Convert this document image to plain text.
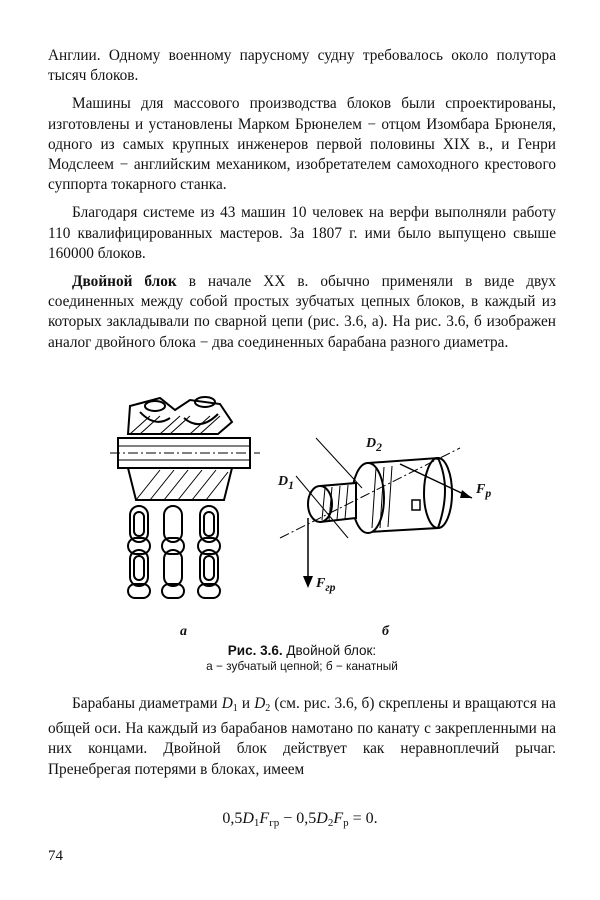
Англии. Одному военному парусному судну требовалось около полутора тысяч блоков.

Машины для массового производства блоков были спроектированы, изготовлены и установлены Марком Брюнелем − отцом Изомбара Брюнеля, одного из самых крупных инженеров первой половины XIX в., и Генри Модслеем − английским механиком, изобретателем самоходного крестового суппорта токарного станка.

Благодаря системе из 43 машин 10 человек на верфи выполняли работу 110 квалифицированных мастеров. За 1807 г. ими было выпущено свыше 160000 блоков.

Двойной блок в начале XX в. обычно применяли в виде двух соединенных между собой простых зубчатых цепных блоков, в каждый из которых закладывали по сварной цепи (рис. 3.6, а). На рис. 3.6, б изображен аналог двойного блока − два соединенных барабана разного диаметра.

$D_2$
$D_1$	$F_р$
$F_{гр}$
а	б
Рис. 3.6. Двойной блок:
а − зубчатый цепной; б − канатный

Барабаны диаметрами $D_1$ и $D_2$ (см. рис. 3.6, б) скреплены и вращаются на общей оси. На каждый из барабанов намотано по канату с закрепленными на них концами. Двойной блок действует как неравноплечий рычаг. Пренебрегая потерями в блоках, имеем

$0,5D_1F_{гр} - 0,5D_2F_р = 0$.
74
